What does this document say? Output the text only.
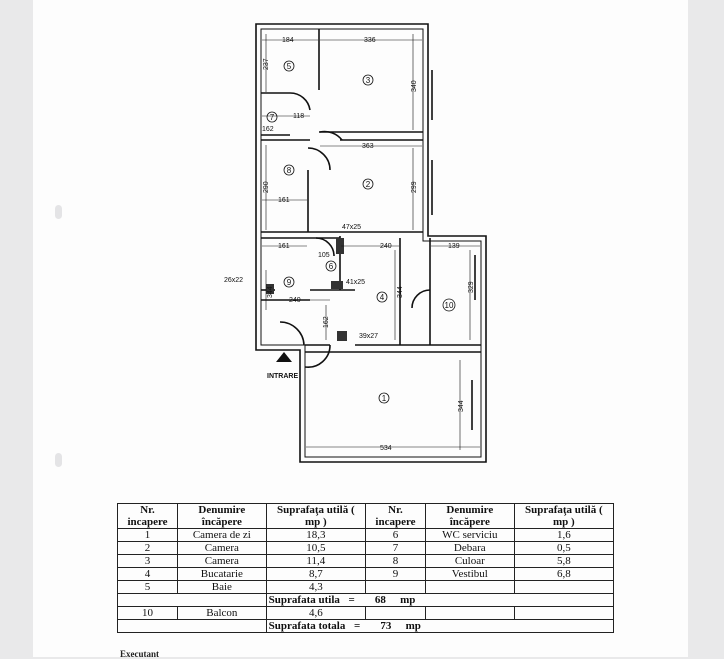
INTRARE
1
2
3
4
5
6
7
8
9
10
184	336
237
340
118
162
363
290	299
161
161
47x25
240	139
105
41x25
26x22
344	344	329
240
162
39x27
344
534
Nr. incapere	Denumire încăpere	Suprafaţa utilă ( mp )	Nr. incapere	Denumire încăpere	Suprafaţa utilă ( mp )
1	Camera de zi	18,3	6	WC serviciu	1,6
2	Camera	10,5	7	Debara	0,5
3	Camera	11,4	8	Culoar	5,8
4	Bucatarie	8,7	9	Vestibul	6,8
5	Baie	4,3			
		Suprafata utila = 68 mp			
10	Balcon	4,6			
		Suprafata totala = 73 mp			
Executant
